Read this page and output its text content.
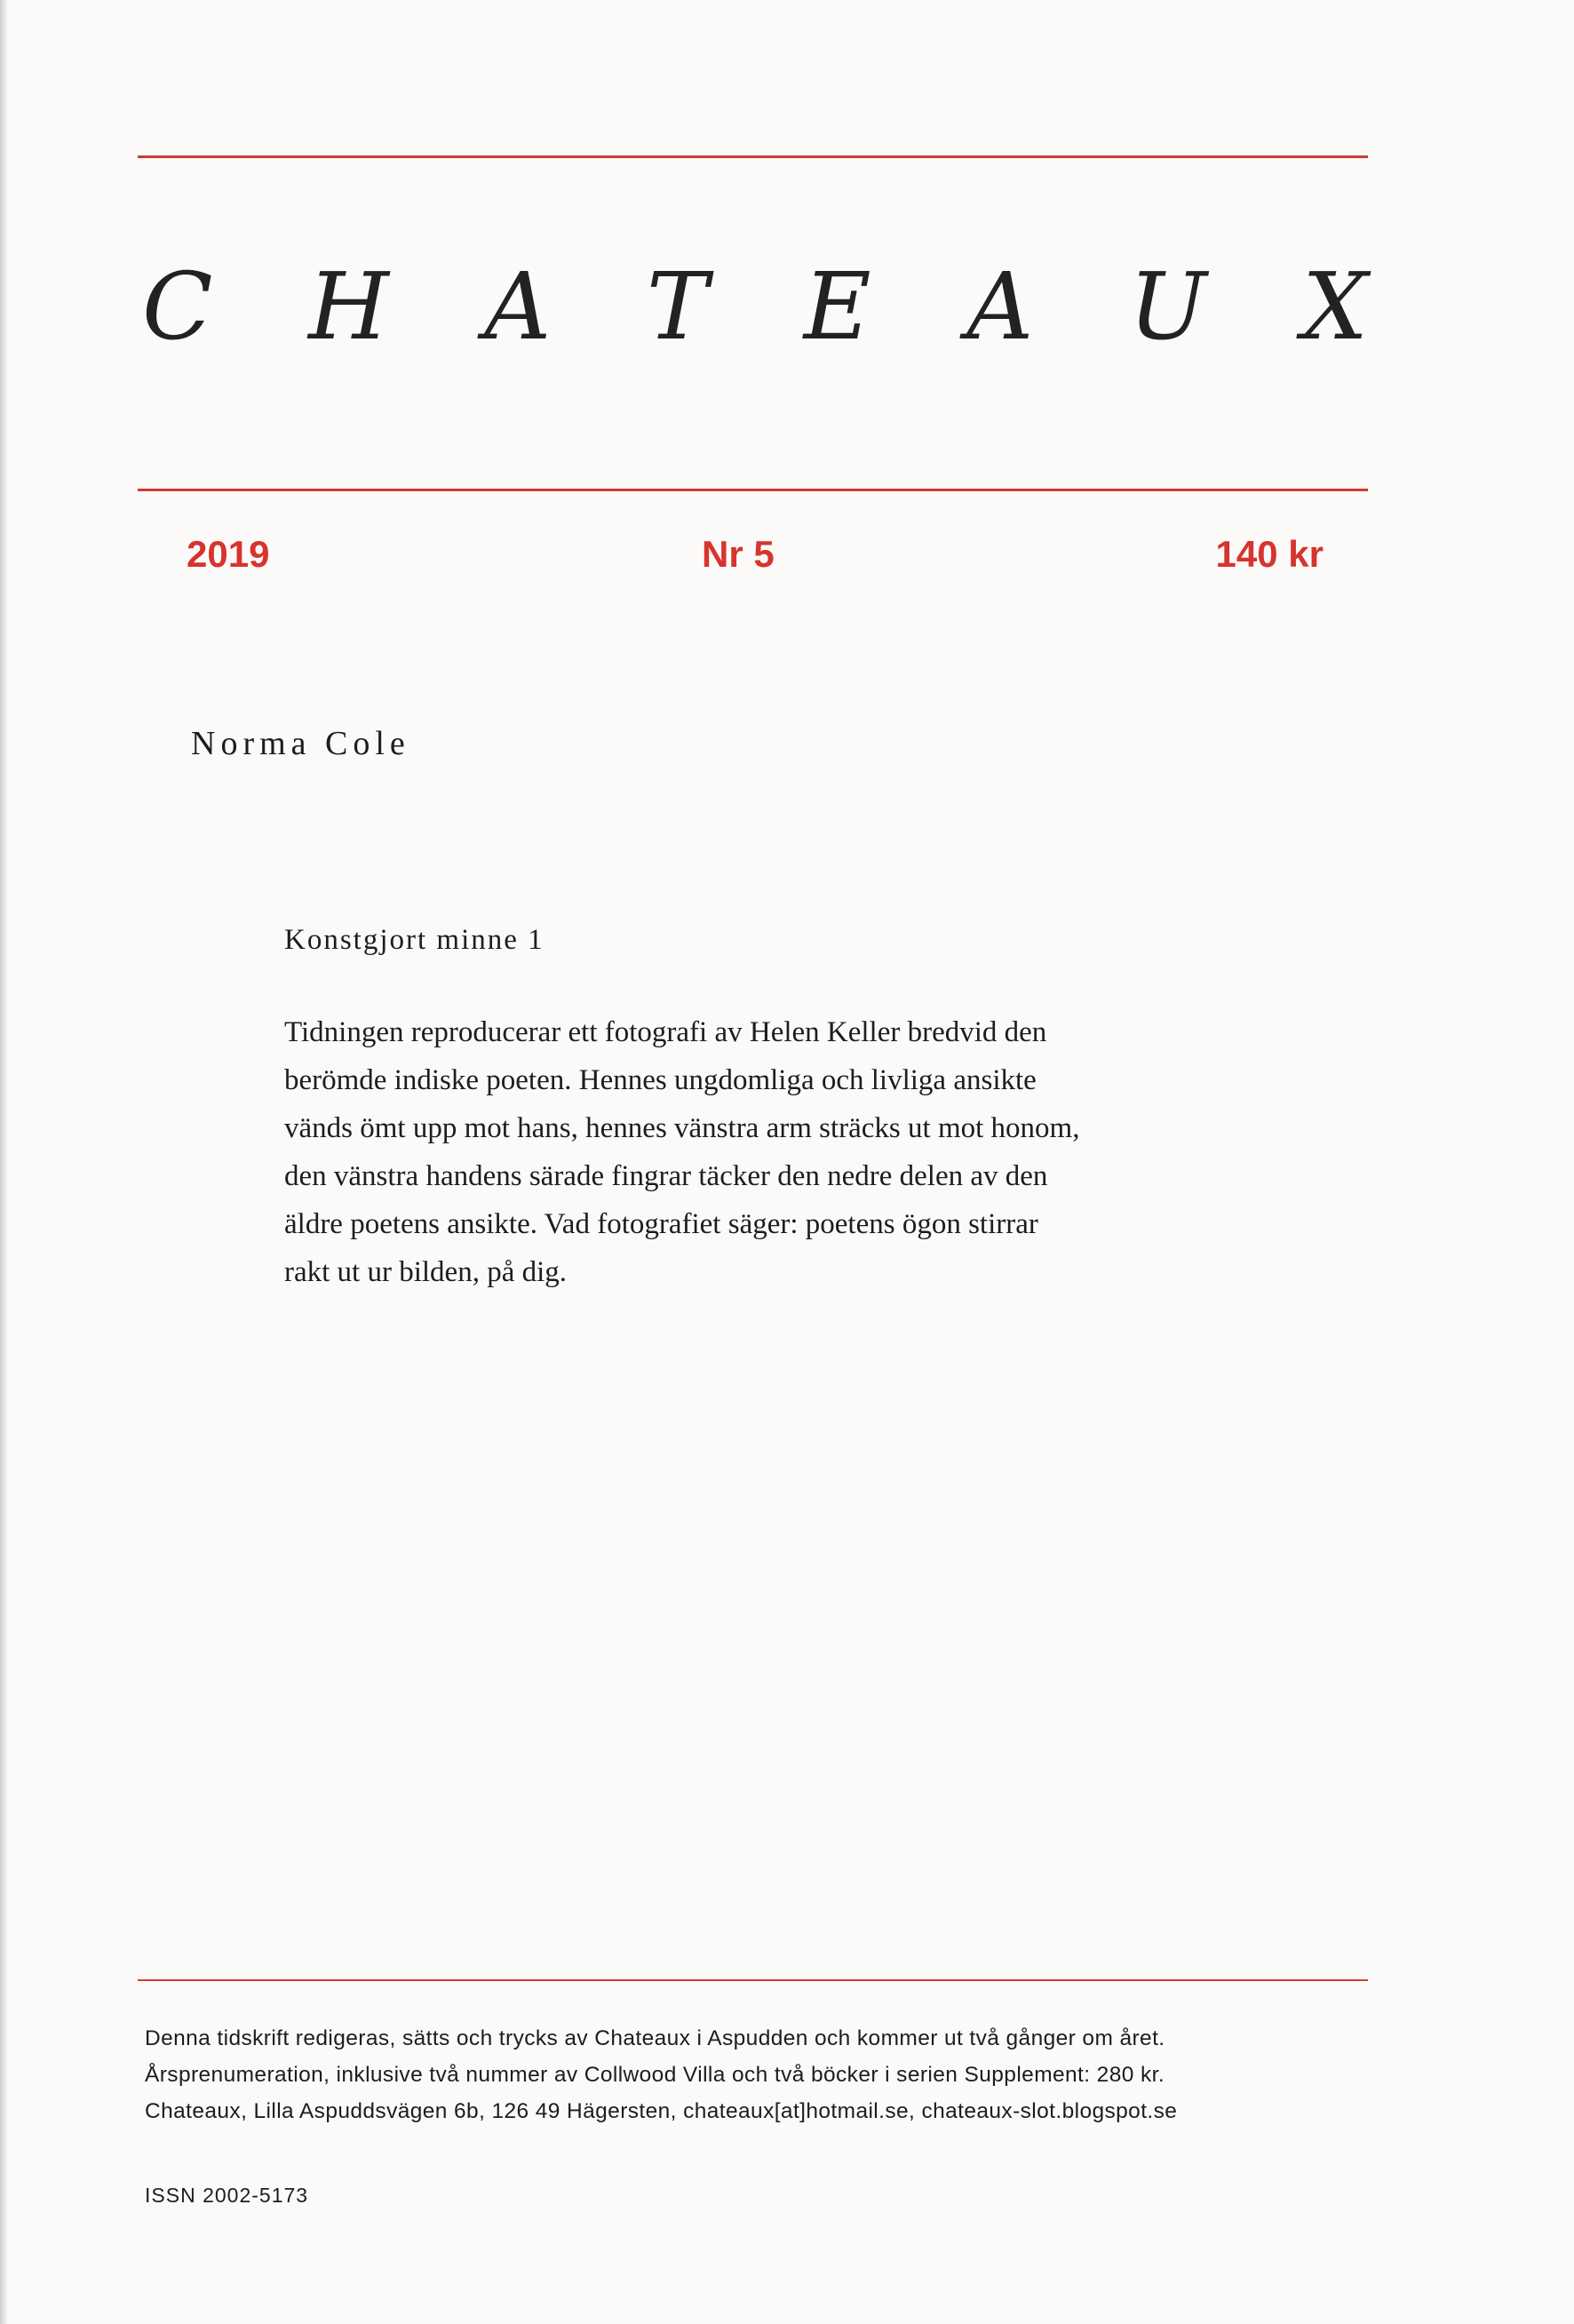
C H A T E A U X
2019	Nr 5	140 kr
Norma Cole
Konstgjort minne 1
Tidningen reproducerar ett fotografi av Helen Keller bredvid den
berömde indiske poeten. Hennes ungdomliga och livliga ansikte
vänds ömt upp mot hans, hennes vänstra arm sträcks ut mot honom,
den vänstra handens särade fingrar täcker den nedre delen av den
äldre poetens ansikte. Vad fotografiet säger: poetens ögon stirrar
rakt ut ur bilden, på dig.
Denna tidskrift redigeras, sätts och trycks av Chateaux i Aspudden och kommer ut två gånger om året.
Årsprenumeration, inklusive två nummer av Collwood Villa och två böcker i serien Supplement: 280 kr.
Chateaux, Lilla Aspuddsvägen 6b, 126 49 Hägersten, chateaux[at]hotmail.se, chateaux-slot.blogspot.se
ISSN 2002-5173
